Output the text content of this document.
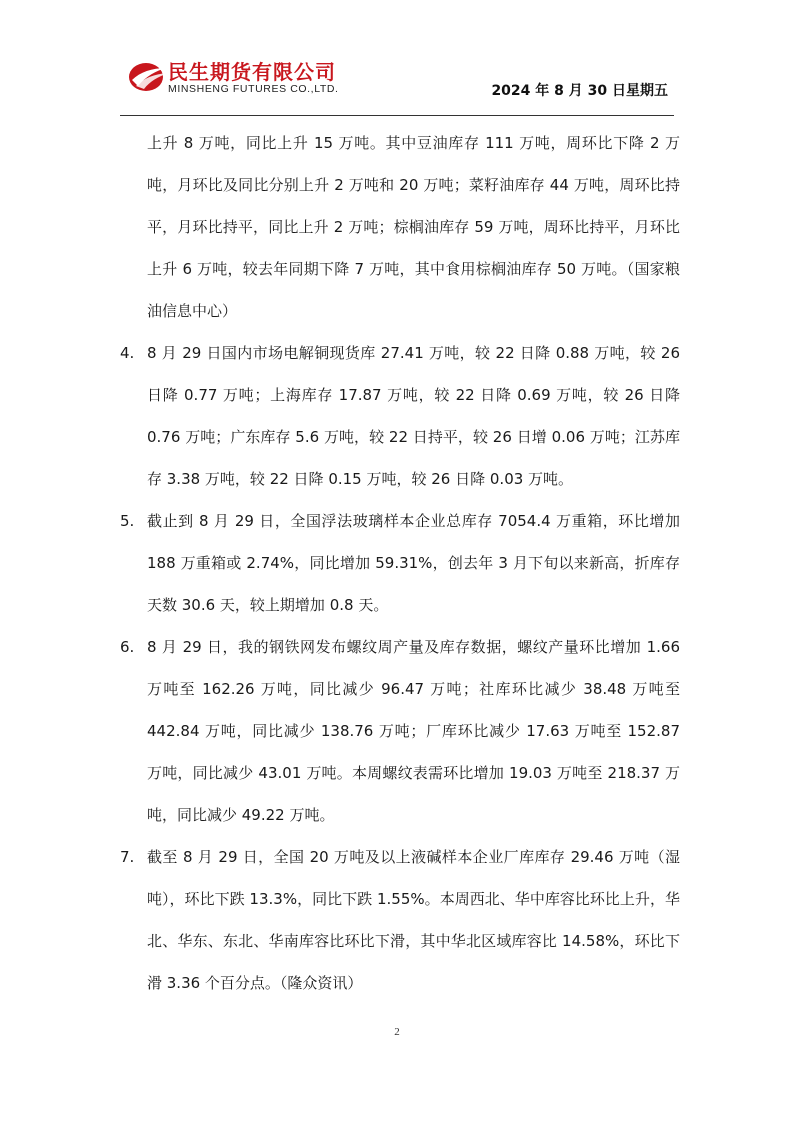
民生期货有限公司
MINSHENG FUTURES CO.,LTD.	2024 年 8 月 30 日星期五

上升 8 万吨，同比上升 15 万吨。其中豆油库存 111 万吨，周环比下降 2 万吨，月环比及同比分别上升 2 万吨和 20 万吨；菜籽油库存 44 万吨，周环比持平，月环比持平，同比上升 2 万吨；棕榈油库存 59 万吨，周环比持平，月环比上升 6 万吨，较去年同期下降 7 万吨，其中食用棕榈油库存 50 万吨。（国家粮油信息中心）

4. 8 月 29 日国内市场电解铜现货库 27.41 万吨，较 22 日降 0.88 万吨，较 26 日降 0.77 万吨；上海库存 17.87 万吨，较 22 日降 0.69 万吨，较 26 日降 0.76 万吨；广东库存 5.6 万吨，较 22 日持平，较 26 日增 0.06 万吨；江苏库存 3.38 万吨，较 22 日降 0.15 万吨，较 26 日降 0.03 万吨。
5. 截止到 8 月 29 日，全国浮法玻璃样本企业总库存 7054.4 万重箱，环比增加 188 万重箱或 2.74%，同比增加 59.31%，创去年 3 月下旬以来新高，折库存天数 30.6 天，较上期增加 0.8 天。
6. 8 月 29 日，我的钢铁网发布螺纹周产量及库存数据，螺纹产量环比增加 1.66 万吨至 162.26 万吨，同比减少 96.47 万吨；社库环比减少 38.48 万吨至 442.84 万吨，同比减少 138.76 万吨；厂库环比减少 17.63 万吨至 152.87 万吨，同比减少 43.01 万吨。本周螺纹表需环比增加 19.03 万吨至 218.37 万吨，同比减少 49.22 万吨。
7. 截至 8 月 29 日，全国 20 万吨及以上液碱样本企业厂库库存 29.46 万吨（湿吨），环比下跌 13.3%，同比下跌 1.55%。本周西北、华中库容比环比上升，华北、华东、东北、华南库容比环比下滑，其中华北区域库容比 14.58%，环比下滑 3.36 个百分点。（隆众资讯）
2
